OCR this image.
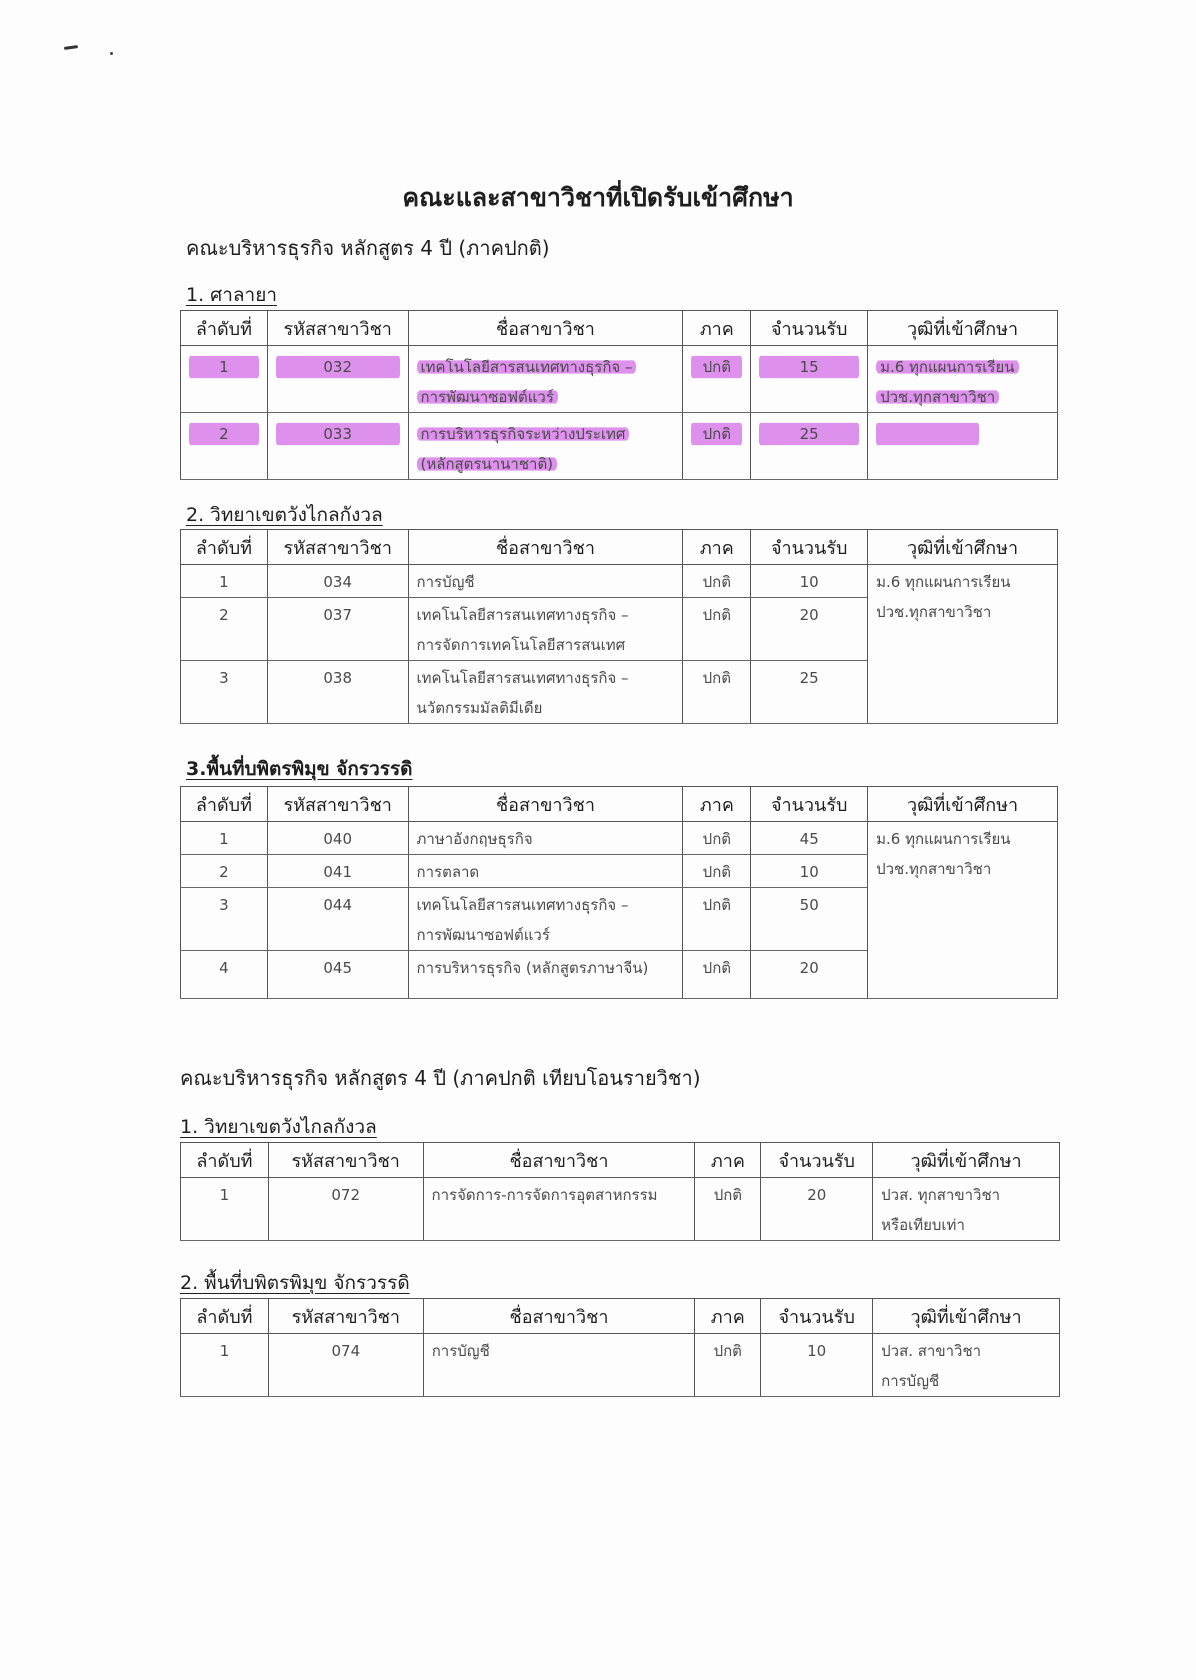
คณะและสาขาวิชาที่เปิดรับเข้าศึกษา
คณะบริหารธุรกิจ หลักสูตร 4 ปี (ภาคปกติ)
1. ศาลายา
ลำดับที่	รหัสสาขาวิชา	ชื่อสาขาวิชา	ภาค	จำนวนรับ	วุฒิที่เข้าศึกษา

1	032	เทคโนโลยีสารสนเทศทางธุรกิจ –
การพัฒนาซอฟต์แวร์	ปกติ	15	ม.6 ทุกแผนการเรียน
ปวช.ทุกสาขาวิชา

2	033	การบริหารธุรกิจระหว่างประเทศ
(หลักสูตรนานาชาติ)	ปกติ	25	

2. วิทยาเขตวังไกลกังวล
ลำดับที่	รหัสสาขาวิชา	ชื่อสาขาวิชา	ภาค	จำนวนรับ	วุฒิที่เข้าศึกษา

1	034	การบัญชี	ปกติ	10	ม.6 ทุกแผนการเรียน
ปวช.ทุกสาขาวิชา

2	037	เทคโนโลยีสารสนเทศทางธุรกิจ –
การจัดการเทคโนโลยีสารสนเทศ	ปกติ	20	

3	038	เทคโนโลยีสารสนเทศทางธุรกิจ –
นวัตกรรมมัลติมีเดีย	ปกติ	25	
3.พื้นที่บพิตรพิมุข จักรวรรดิ
ลำดับที่	รหัสสาขาวิชา	ชื่อสาขาวิชา	ภาค	จำนวนรับ	วุฒิที่เข้าศึกษา

1	040	ภาษาอังกฤษธุรกิจ	ปกติ	45	ม.6 ทุกแผนการเรียน
ปวช.ทุกสาขาวิชา

2	041	การตลาด	ปกติ	10	

3	044	เทคโนโลยีสารสนเทศทางธุรกิจ –
การพัฒนาซอฟต์แวร์	ปกติ	50	

4	045	การบริหารธุรกิจ (หลักสูตรภาษาจีน)	ปกติ	20	
คณะบริหารธุรกิจ หลักสูตร 4 ปี (ภาคปกติ เทียบโอนรายวิชา)
1. วิทยาเขตวังไกลกังวล
ลำดับที่	รหัสสาขาวิชา	ชื่อสาขาวิชา	ภาค	จำนวนรับ	วุฒิที่เข้าศึกษา

1	072	การจัดการ-การจัดการอุตสาหกรรม	ปกติ	20	ปวส. ทุกสาขาวิชา
หรือเทียบเท่า
2. พื้นที่บพิตรพิมุข จักรวรรดิ
ลำดับที่	รหัสสาขาวิชา	ชื่อสาขาวิชา	ภาค	จำนวนรับ	วุฒิที่เข้าศึกษา

1	074	การบัญชี	ปกติ	10	ปวส. สาขาวิชา
การบัญชี
